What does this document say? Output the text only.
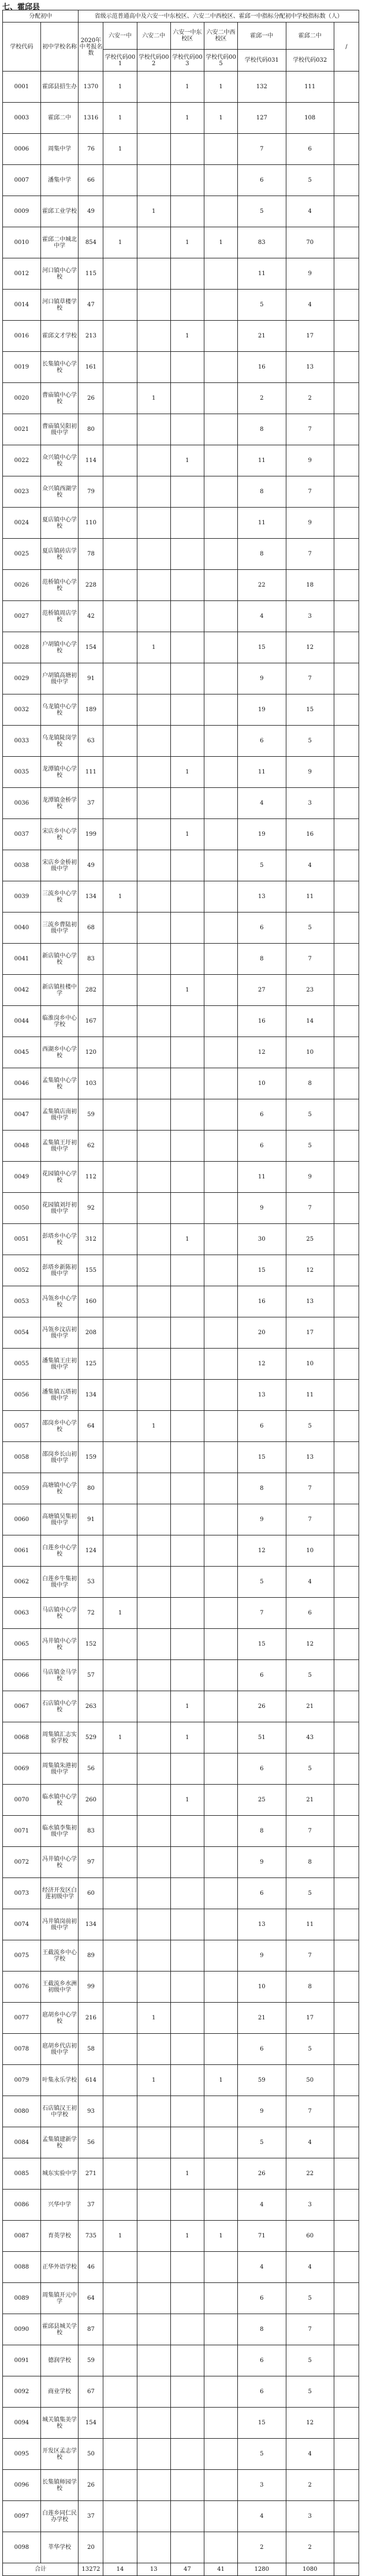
七、霍邱县
分配初中		省级示范普通高中及六安一中东校区、六安二中西校区、霍邱一中指标分配初中学校指标数（人）							
学校代码	初中学校名称	2020年中考报名数	六安一中	六安二中	六安一中东校区	六安二中西校区	霍邱一中	霍邱二中	/
			学校代码001	学校代码002	学校代码003	学校代码005	学校代码031	学校代码032	
0001	霍邱县招生办	1370	1		1	1	132	111	
0003	霍邱二中	1316	1		1	1	127	108	
0006	周集中学	76	1				7	6	
0007	潘集中学	66					6	5	
0009	霍邱工业学校	49		1			5	4	
0010	霍邱二中城北中学	854	1		1	1	83	70	
0012	河口镇中心学校	115					11	9	
0014	河口镇草楼学校	47					5	4	
0016	霍邱文才学校	213			1		21	17	
0019	长集镇中心学校	161					16	13	
0020	曹庙镇中心学校	26		1			2	2	
0021	曹庙镇吴阳初级中学	80					8	7	
0022	众兴镇中心学校	114			1		11	9	
0023	众兴镇西湖学校	79					8	7	
0024	夏店镇中心学校	110					11	9	
0025	夏店镇砖店学校	78					8	7	
0026	范桥镇中心学校	228					22	18	
0027	范桥镇周店学校	42					4	3	
0028	户胡镇中心学校	154		1			15	12	
0029	户胡镇高塘初级中学	91					9	7	
0032	乌龙镇中心学校	189					19	15	
0033	乌龙镇陡岗学校	63					6	5	
0035	龙潭镇中心学校	111			1		11	9	
0036	龙潭镇金桥学校	37					4	3	
0037	宋店乡中心学校	199			1		19	16	
0038	宋店乡金桥初级中学	49					5	4	
0039	三流乡中心学校	134	1				13	11	
0040	三流乡曹陆初级中学	68					6	5	
0041	新店镇中心学校	83					8	7	
0042	新店镇桂楼中学	282			1		27	23	
0044	临淮岗乡中心学校	167					16	14	
0045	西湖乡中心学校	120					12	10	
0046	孟集镇中心学校	103					10	8	
0047	孟集镇店南初级中学	59					6	5	
0048	孟集镇王圩初级中学	62					6	5	
0049	花园镇中心学校	112					11	9	
0050	花园镇刘圩初级中学	92					9	7	
0051	彭塔乡中心学校	312			1		30	25	
0052	彭塔乡新陈初级中学	155					15	12	
0053	冯瓴乡中心学校	160					16	13	
0054	冯瓴乡汶店初级中学	208					20	17	
0055	潘集镇王庄初级中学	125					12	10	
0056	潘集镇五塔初级中学	134					13	11	
0057	邵岗乡中心学校	64		1			6	5	
0058	邵岗乡长山初级中学	159					15	13	
0059	高塘镇中心学校	80					8	7	
0060	高塘镇吴集初级中学	91					9	7	
0061	白莲乡中心学校	124					12	10	
0062	白莲乡牛集初级中学	53					5	4	
0063	马店镇中心学校	72	1				7	6	
0065	冯井镇中心学校	152					15	12	
0066	马店镇金马学校	57					6	5	
0067	石店镇中心学校	263			1		26	21	
0068	周集镇汇志实验学校	529	1		1		51	43	
0069	周集镇朱港初级中学	56					6	5	
0070	临水镇中心学校	260			1		25	21	
0071	临水镇李集初级中学	83					8	7	
0072	冯井镇中心学校	97					9	8	
0073	经济开发区白莲初级中学	60					6	5	
0074	冯井镇岗前初级中学	134					13	11	
0075	王截流乡中心学校	89					9	7	
0076	王截流乡水洲初级中学	99					10	8	
0077	扈胡乡中心学校	216		1			21	17	
0078	扈胡乡代店初级中学	58					6	5	
0079	叶集永乐学校	614		1		1	59	50	
0080	石店镇汉王初中学校	93					9	7	
0084	孟集镇建新学校	56					5	4	
0085	城东实验中学	271			1		26	22	
0086	兴华中学	37					4	3	
0087	育英学校	735	1		1	1	71	60	
0088	正华外语学校	46					4	4	
0089	周集镇开元中学	64					6	5	
0090	霍邱县城关学校	87					8	7	
0091	德润学校	59					6	5	
0092	商业学校	67					6	5	
0094	城关镇集美学校	154					15	12	
0095	开发区孟志学校	50					5	4	
0096	长集镇师园学校	26					3	2	
0097	白莲乡同仁民办学校	37					4	3	
0098	莘华学校	20					2	2	
合计		13272	14	13	47	41	1280	1080	
